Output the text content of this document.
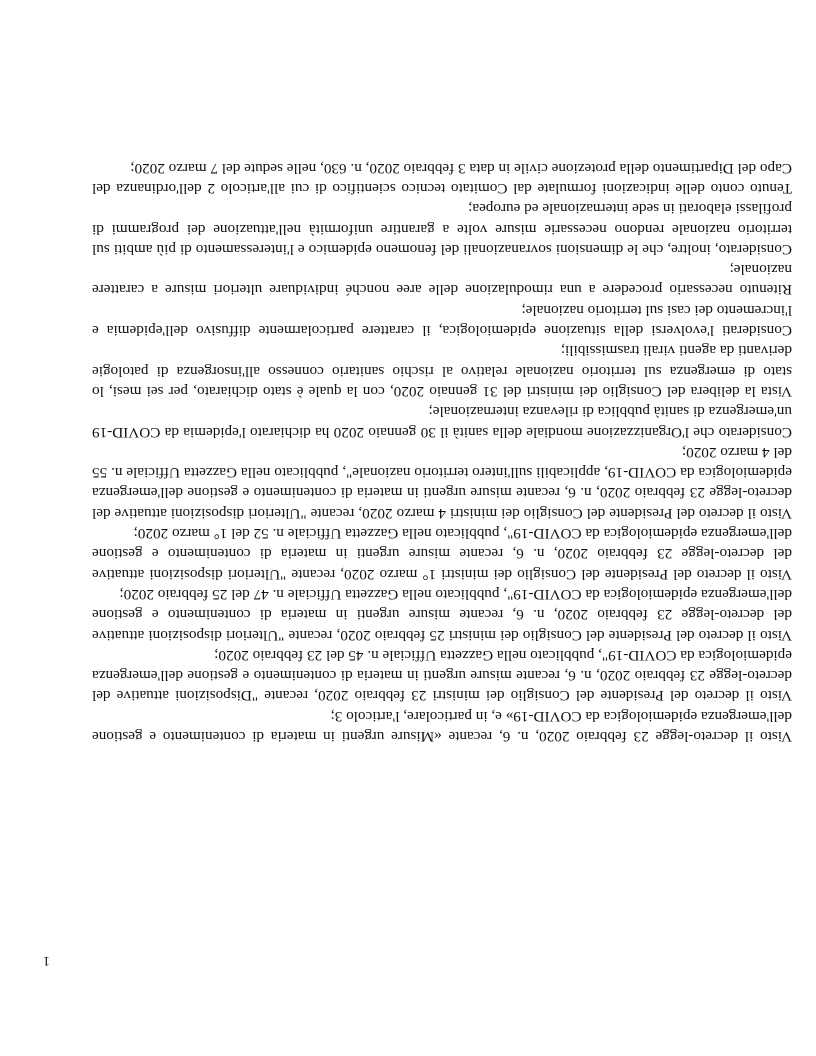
Visto il decreto-legge 23 febbraio 2020, n. 6, recante «Misure urgenti in materia di contenimento e gestione dell'emergenza epidemiologica da COVID-19» e, in particolare, l'articolo 3;

Visto il decreto del Presidente del Consiglio dei ministri 23 febbraio 2020, recante "Disposizioni attuative del decreto-legge 23 febbraio 2020, n. 6, recante misure urgenti in materia di contenimento e gestione dell'emergenza epidemiologica da COVID-19", pubblicato nella Gazzetta Ufficiale n. 45 del 23 febbraio 2020;

Visto il decreto del Presidente del Consiglio dei ministri 25 febbraio 2020, recante "Ulteriori disposizioni attuative del decreto-legge 23 febbraio 2020, n. 6, recante misure urgenti in materia di contenimento e gestione dell'emergenza epidemiologica da COVID-19", pubblicato nella Gazzetta Ufficiale n. 47 del 25 febbraio 2020;

Visto il decreto del Presidente del Consiglio dei ministri 1° marzo 2020, recante "Ulteriori disposizioni attuative del decreto-legge 23 febbraio 2020, n. 6, recante misure urgenti in materia di contenimento e gestione dell'emergenza epidemiologica da COVID-19", pubblicato nella Gazzetta Ufficiale n. 52 del 1° marzo 2020;

Visto il decreto del Presidente del Consiglio dei ministri 4 marzo 2020, recante "Ulteriori disposizioni attuative del decreto-legge 23 febbraio 2020, n. 6, recante misure urgenti in materia di contenimento e gestione dell'emergenza epidemiologica da COVID-19, applicabili sull'intero territorio nazionale", pubblicato nella Gazzetta Ufficiale n. 55 del 4 marzo 2020;

Considerato che l'Organizzazione mondiale della sanità il 30 gennaio 2020 ha dichiarato l'epidemia da COVID-19 un'emergenza di sanità pubblica di rilevanza internazionale;

Vista la delibera del Consiglio dei ministri del 31 gennaio 2020, con la quale è stato dichiarato, per sei mesi, lo stato di emergenza sul territorio nazionale relativo al rischio sanitario connesso all'insorgenza di patologie derivanti da agenti virali trasmissibili;

Considerati l'evolversi della situazione epidemiologica, il carattere particolarmente diffusivo dell'epidemia e l'incremento dei casi sul territorio nazionale;

Ritenuto necessario procedere a una rimodulazione delle aree nonché individuare ulteriori misure a carattere nazionale;

Considerato, inoltre, che le dimensioni sovranazionali del fenomeno epidemico e l'interessamento di più ambiti sul territorio nazionale rendono necessarie misure volte a garantire uniformità nell'attuazione dei programmi di profilassi elaborati in sede internazionale ed europea;

Tenuto conto delle indicazioni formulate dal Comitato tecnico scientifico di cui all'articolo 2 dell'ordinanza del Capo del Dipartimento della protezione civile in data 3 febbraio 2020, n. 630, nelle sedute del 7 marzo 2020;

1
